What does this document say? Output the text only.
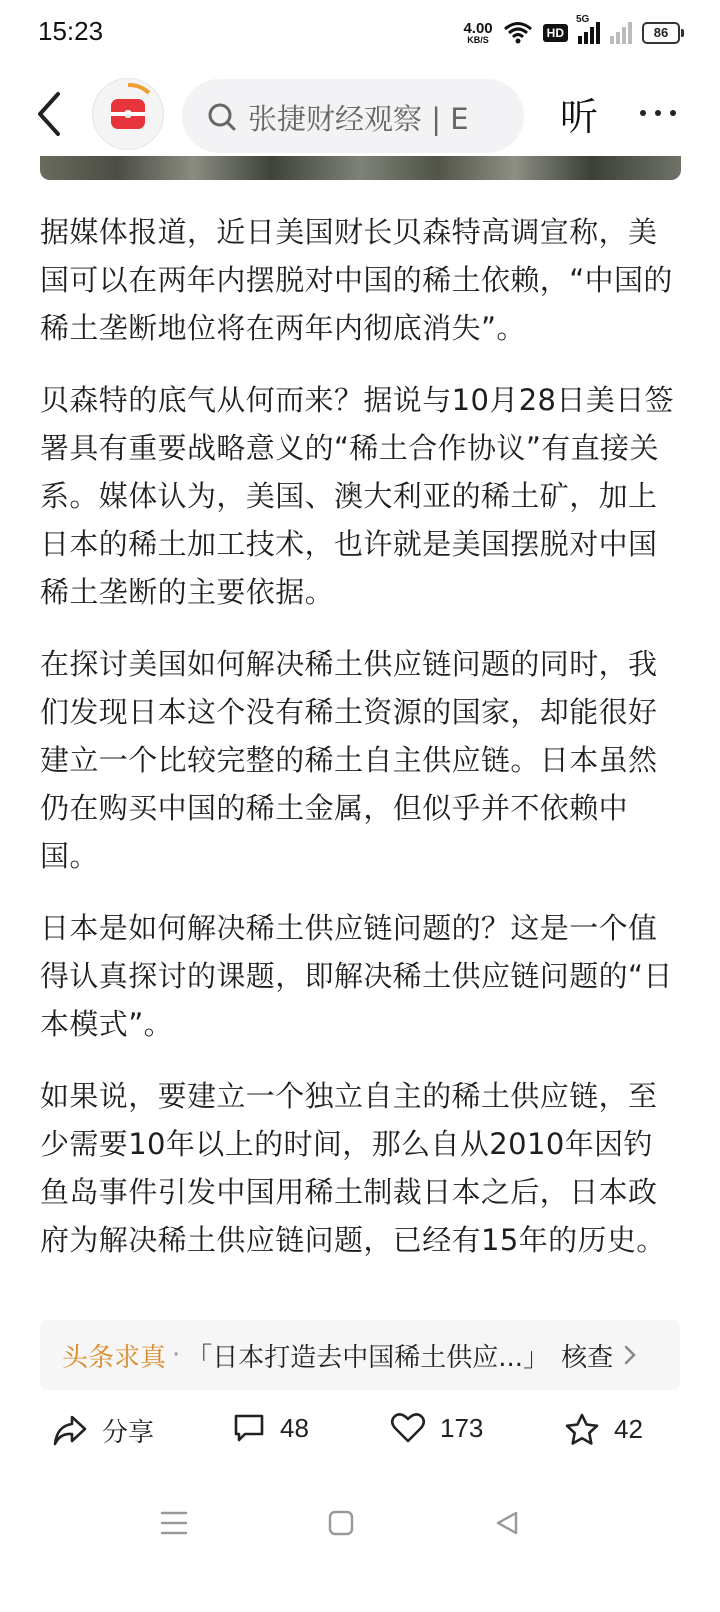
15:23	4.00
KB/S	HD
5G
86
张捷财经观察 | E 听

据媒体报道，近日美国财长贝森特高调宣称，美国可以在两年内摆脱对中国的稀土依赖，“中国的稀土垄断地位将在两年内彻底消失”。

贝森特的底气从何而来？据说与10月28日美日签署具有重要战略意义的“稀土合作协议”有直接关系。媒体认为，美国、澳大利亚的稀土矿，加上日本的稀土加工技术，也许就是美国摆脱对中国稀土垄断的主要依据。

在探讨美国如何解决稀土供应链问题的同时，我们发现日本这个没有稀土资源的国家，却能很好建立一个比较完整的稀土自主供应链。日本虽然仍在购买中国的稀土金属，但似乎并不依赖中国。

日本是如何解决稀土供应链问题的？这是一个值得认真探讨的课题，即解决稀土供应链问题的“日本模式”。

如果说，要建立一个独立自主的稀土供应链，至少需要10年以上的时间，那么自从2010年因钓鱼岛事件引发中国用稀土制裁日本之后，日本政府为解决稀土供应链问题，已经有15年的历史。

头条求真 · 「日本打造去中国稀土供应...」 核查
分享	48	173	42
